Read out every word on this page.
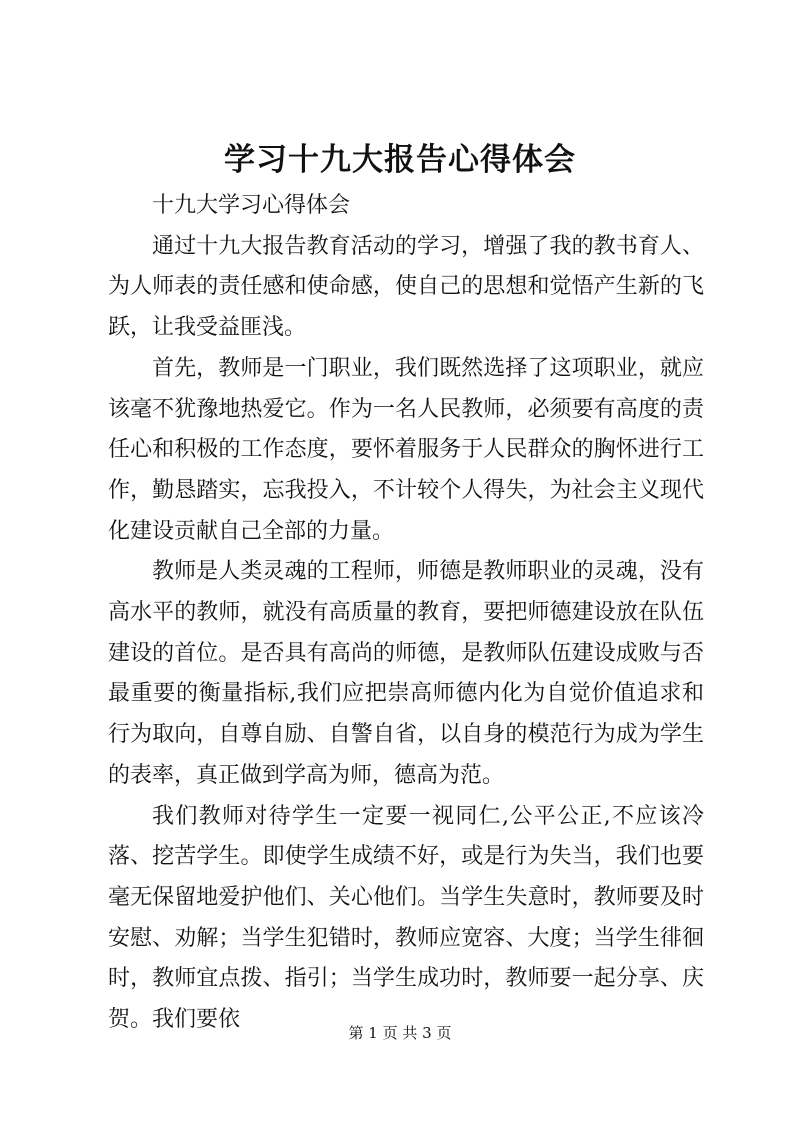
学习十九大报告心得体会

十九大学习心得体会

通过十九大报告教育活动的学习，增强了我的教书育人、为人师表的责任感和使命感，使自己的思想和觉悟产生新的飞跃，让我受益匪浅。

首先，教师是一门职业，我们既然选择了这项职业，就应该毫不犹豫地热爱它。作为一名人民教师，必须要有高度的责任心和积极的工作态度，要怀着服务于人民群众的胸怀进行工作，勤恳踏实，忘我投入，不计较个人得失，为社会主义现代化建设贡献自己全部的力量。

教师是人类灵魂的工程师，师德是教师职业的灵魂，没有高水平的教师，就没有高质量的教育，要把师德建设放在队伍建设的首位。是否具有高尚的师德，是教师队伍建设成败与否最重要的衡量指标,我们应把崇高师德内化为自觉价值追求和行为取向，自尊自励、自警自省，以自身的模范行为成为学生的表率，真正做到学高为师，德高为范。

我们教师对待学生一定要一视同仁,公平公正,不应该冷落、挖苦学生。即使学生成绩不好，或是行为失当，我们也要毫无保留地爱护他们、关心他们。当学生失意时，教师要及时安慰、劝解；当学生犯错时，教师应宽容、大度；当学生徘徊时，教师宜点拨、指引；当学生成功时，教师要一起分享、庆贺。我们要依

第 1 页 共 3 页
